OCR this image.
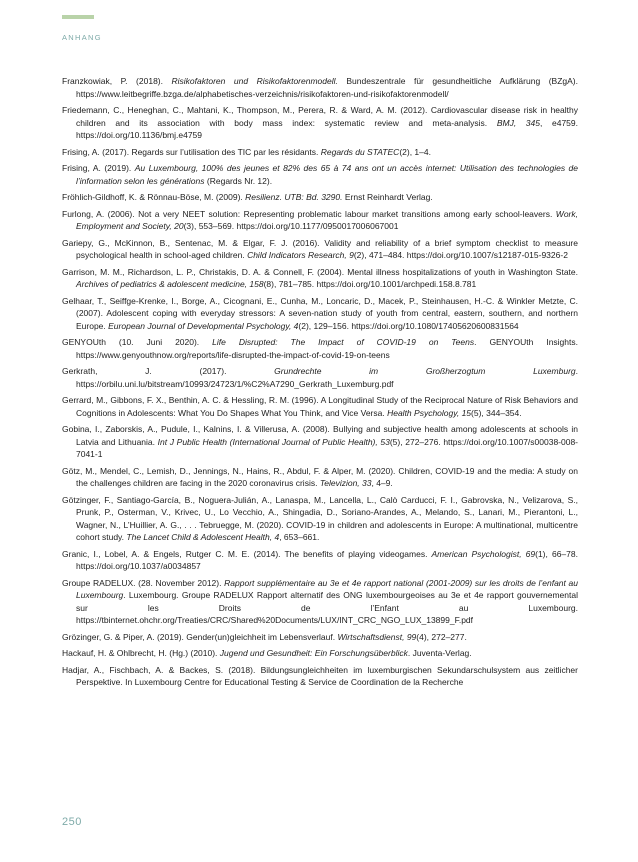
ANHANG

Franzkowiak, P. (2018). Risikofaktoren und Risikofaktorenmodell. Bundeszentrale für gesundheitliche Aufklärung (BZgA). https://www.leitbegriffe.bzga.de/alphabetisches-verzeichnis/risikofaktoren-und-risikofaktorenmodell/

Friedemann, C., Heneghan, C., Mahtani, K., Thompson, M., Perera, R. & Ward, A. M. (2012). Cardiovascular disease risk in healthy children and its association with body mass index: systematic review and meta-analysis. BMJ, 345, e4759. https://doi.org/10.1136/bmj.e4759

Frising, A. (2017). Regards sur l’utilisation des TIC par les résidants. Regards du STATEC(2), 1–4.

Frising, A. (2019). Au Luxembourg, 100% des jeunes et 82% des 65 à 74 ans ont un accès internet: Utilisation des technologies de l’information selon les générations (Regards Nr. 12).

Fröhlich-Gildhoff, K. & Rönnau-Böse, M. (2009). Resilienz. UTB: Bd. 3290. Ernst Reinhardt Verlag.

Furlong, A. (2006). Not a very NEET solution: Representing problematic labour market transitions among early school-leavers. Work, Employment and Society, 20(3), 553–569. https://doi.org/10.1177/0950017006067001

Gariepy, G., McKinnon, B., Sentenac, M. & Elgar, F. J. (2016). Validity and reliability of a brief symptom checklist to measure psychological health in school-aged children. Child Indicators Research, 9(2), 471–484. https://doi.org/10.1007/s12187-015-9326-2

Garrison, M. M., Richardson, L. P., Christakis, D. A. & Connell, F. (2004). Mental illness hospitalizations of youth in Washington State. Archives of pediatrics & adolescent medicine, 158(8), 781–785. https://doi.org/10.1001/archpedi.158.8.781

Gelhaar, T., Seiffge-Krenke, I., Borge, A., Cicognani, E., Cunha, M., Loncaric, D., Macek, P., Steinhausen, H.-C. & Winkler Metzte, C. (2007). Adolescent coping with everyday stressors: A seven-nation study of youth from central, eastern, southern, and northern Europe. European Journal of Developmental Psychology, 4(2), 129–156. https://doi.org/10.1080/17405620600831564

GENYOUth (10. Juni 2020). Life Disrupted: The Impact of COVID-19 on Teens. GENYOUth Insights. https://www.genyouthnow.org/reports/life-disrupted-the-impact-of-covid-19-on-teens

Gerkrath, J. (2017). Grundrechte im Großherzogtum Luxemburg. https://orbilu.uni.lu/bitstream/10993/24723/1/%C2%A7290_Gerkrath_Luxemburg.pdf

Gerrard, M., Gibbons, F. X., Benthin, A. C. & Hessling, R. M. (1996). A Longitudinal Study of the Reciprocal Nature of Risk Behaviors and Cognitions in Adolescents: What You Do Shapes What You Think, and Vice Versa. Health Psychology, 15(5), 344–354.

Gobina, I., Zaborskis, A., Pudule, I., Kalnins, I. & Villerusa, A. (2008). Bullying and subjective health among adolescents at schools in Latvia and Lithuania. Int J Public Health (International Journal of Public Health), 53(5), 272–276. https://doi.org/10.1007/s00038-008-7041-1

Götz, M., Mendel, C., Lemish, D., Jennings, N., Hains, R., Abdul, F. & Alper, M. (2020). Children, COVID-19 and the media: A study on the challenges children are facing in the 2020 coronavirus crisis. Televizion, 33, 4–9.

Götzinger, F., Santiago-García, B., Noguera-Julián, A., Lanaspa, M., Lancella, L., Calò Carducci, F. I., Gabrovska, N., Velizarova, S., Prunk, P., Osterman, V., Krivec, U., Lo Vecchio, A., Shingadia, D., Soriano-Arandes, A., Melando, S., Lanari, M., Pierantoni, L., Wagner, N., L’Huillier, A. G., . . . Tebruegge, M. (2020). COVID-19 in children and adolescents in Europe: A multinational, multicentre cohort study. The Lancet Child & Adolescent Health, 4, 653–661.

Granic, I., Lobel, A. & Engels, Rutger C. M. E. (2014). The benefits of playing videogames. American Psychologist, 69(1), 66–78. https://doi.org/10.1037/a0034857

Groupe RADELUX. (28. November 2012). Rapport supplémentaire au 3e et 4e rapport national (2001-2009) sur les droits de l’enfant au Luxembourg. Luxembourg. Groupe RADELUX Rapport alternatif des ONG luxembourgeoises au 3e et 4e rapport gouvernemental sur les Droits de l’Enfant au Luxembourg. https://tbinternet.ohchr.org/Treaties/CRC/Shared%20Documents/LUX/INT_CRC_NGO_LUX_13899_F.pdf

Grözinger, G. & Piper, A. (2019). Gender(un)gleichheit im Lebensverlauf. Wirtschaftsdienst, 99(4), 272–277.

Hackauf, H. & Ohlbrecht, H. (Hg.) (2010). Jugend und Gesundheit: Ein Forschungsüberblick. Juventa-Verlag.

Hadjar, A., Fischbach, A. & Backes, S. (2018). Bildungsungleichheiten im luxemburgischen Sekundarschulsystem aus zeitlicher Perspektive. In Luxembourg Centre for Educational Testing & Service de Coordination de la Recherche

250
